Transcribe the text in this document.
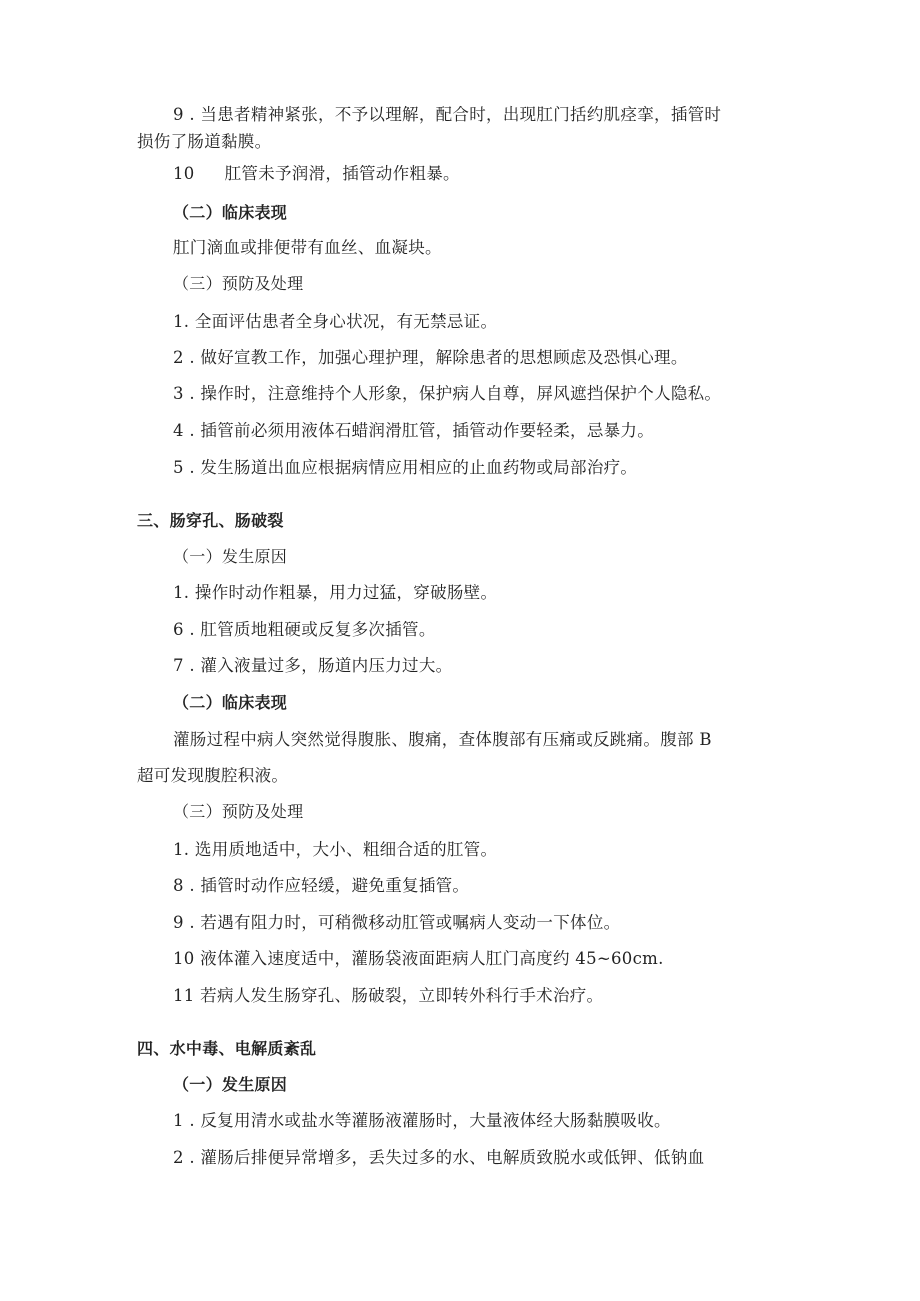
9 . 当患者精神紧张，不予以理解，配合时，出现肛门括约肌痉挛，插管时
损伤了肠道黏膜。
10 肛管未予润滑，插管动作粗暴。
（二）临床表现
肛门滴血或排便带有血丝、血凝块。
（三）预防及处理
1. 全面评估患者全身心状况，有无禁忌证。
2 . 做好宣教工作，加强心理护理，解除患者的思想顾虑及恐惧心理。
3 . 操作时，注意维持个人形象，保护病人自尊，屏风遮挡保护个人隐私。
4 . 插管前必须用液体石蜡润滑肛管，插管动作要轻柔，忌暴力。
5 . 发生肠道出血应根据病情应用相应的止血药物或局部治疗。
三、肠穿孔、肠破裂
（一）发生原因
1. 操作时动作粗暴，用力过猛，穿破肠壁。
6 . 肛管质地粗硬或反复多次插管。
7 . 灌入液量过多，肠道内压力过大。
（二）临床表现
灌肠过程中病人突然觉得腹胀、腹痛，查体腹部有压痛或反跳痛。腹部 B
超可发现腹腔积液。
（三）预防及处理
1. 选用质地适中，大小、粗细合适的肛管。
8 . 插管时动作应轻缓，避免重复插管。
9 . 若遇有阻力时，可稍微移动肛管或嘱病人变动一下体位。
10 液体灌入速度适中，灌肠袋液面距病人肛门高度约 45~60cm.
11 若病人发生肠穿孔、肠破裂，立即转外科行手术治疗。
四、水中毒、电解质紊乱
（一）发生原因
1 . 反复用清水或盐水等灌肠液灌肠时，大量液体经大肠黏膜吸收。
2 . 灌肠后排便异常增多，丢失过多的水、电解质致脱水或低钾、低钠血
